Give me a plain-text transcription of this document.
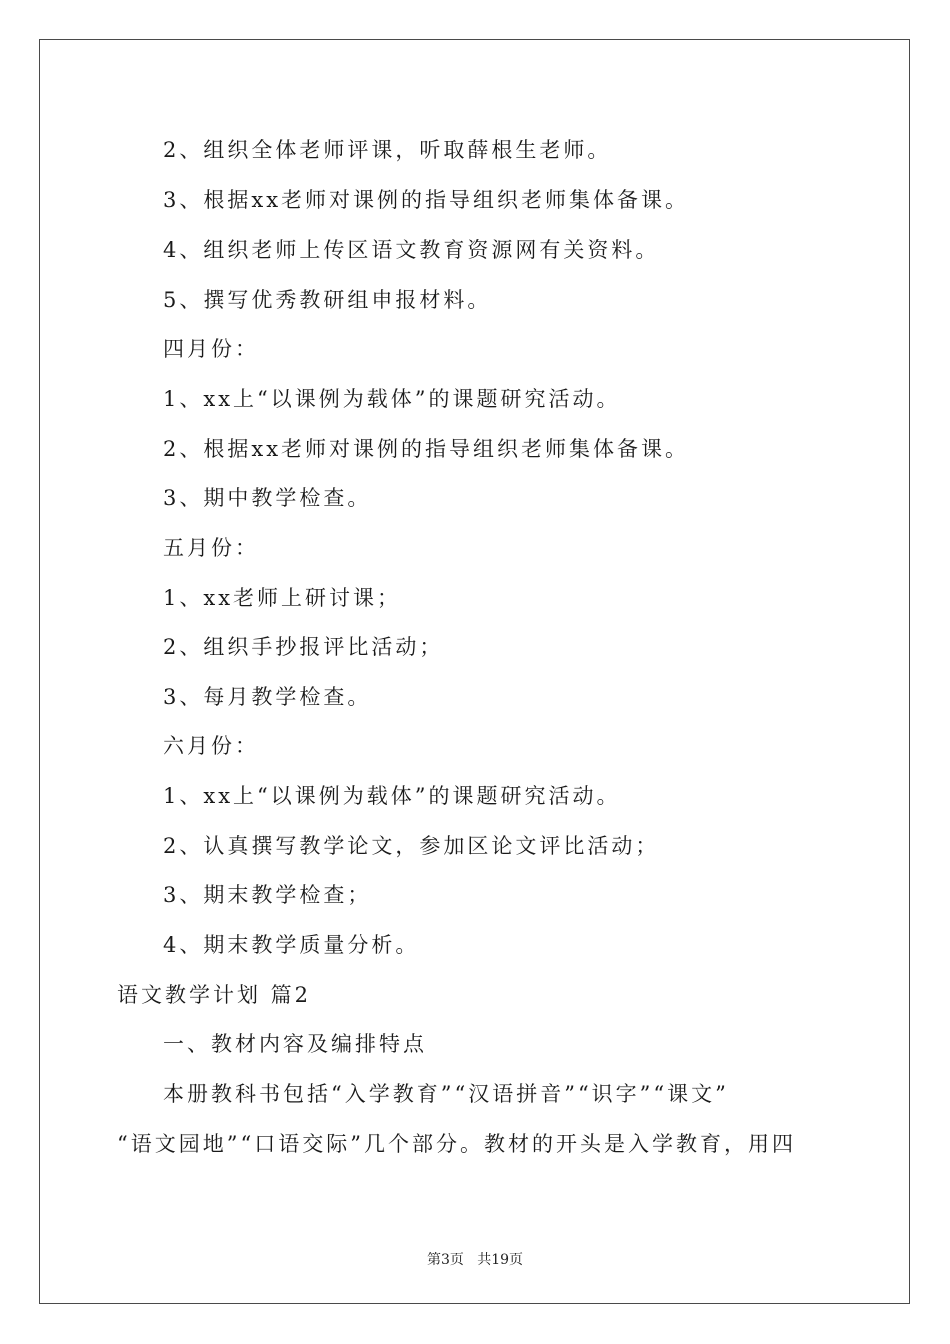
2、组织全体老师评课，听取薛根生老师。
3、根据xx老师对课例的指导组织老师集体备课。
4、组织老师上传区语文教育资源网有关资料。
5、撰写优秀教研组申报材料。
四月份：
1、xx上“以课例为载体”的课题研究活动。
2、根据xx老师对课例的指导组织老师集体备课。
3、期中教学检查。
五月份：
1、xx老师上研讨课；
2、组织手抄报评比活动；
3、每月教学检查。
六月份：
1、xx上“以课例为载体”的课题研究活动。
2、认真撰写教学论文，参加区论文评比活动；
3、期末教学检查；
4、期末教学质量分析。
语文教学计划 篇2
一、教材内容及编排特点
本册教科书包括“入学教育”“汉语拼音”“识字”“课文”
“语文园地”“口语交际”几个部分。教材的开头是入学教育，用四
第3页   共19页
